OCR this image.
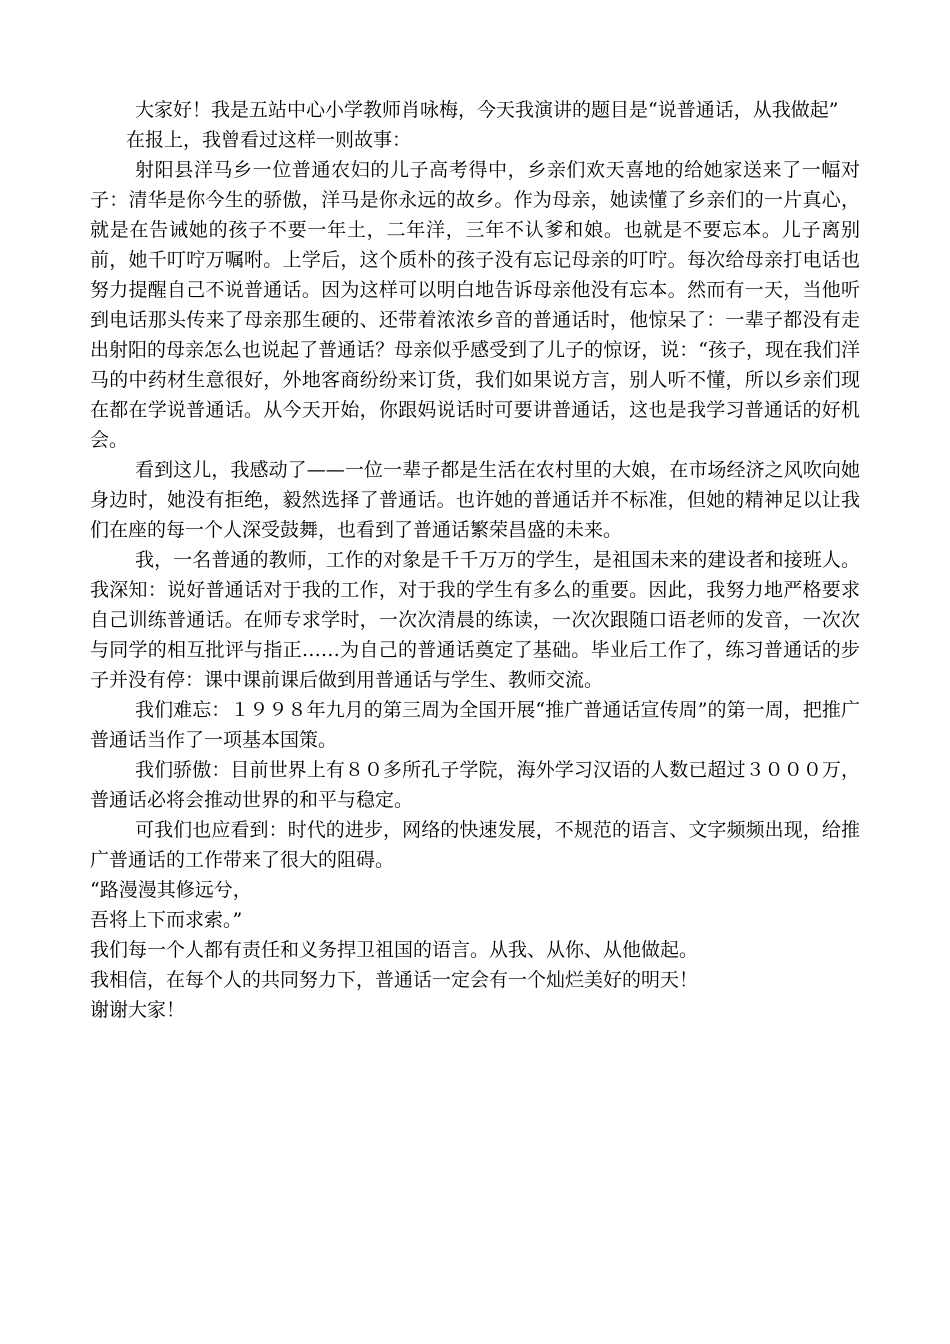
大家好！我是五站中心小学教师肖咏梅，今天我演讲的题目是“说普通话，从我做起”

在报上，我曾看过这样一则故事：

射阳县洋马乡一位普通农妇的儿子高考得中，乡亲们欢天喜地的给她家送来了一幅对子：清华是你今生的骄傲，洋马是你永远的故乡。作为母亲，她读懂了乡亲们的一片真心，就是在告诫她的孩子不要一年土，二年洋，三年不认爹和娘。也就是不要忘本。儿子离别前，她千叮咛万嘱咐。上学后，这个质朴的孩子没有忘记母亲的叮咛。每次给母亲打电话也努力提醒自己不说普通话。因为这样可以明白地告诉母亲他没有忘本。然而有一天，当他听到电话那头传来了母亲那生硬的、还带着浓浓乡音的普通话时，他惊呆了：一辈子都没有走出射阳的母亲怎么也说起了普通话？母亲似乎感受到了儿子的惊讶，说：“孩子，现在我们洋马的中药材生意很好，外地客商纷纷来订货，我们如果说方言，别人听不懂，所以乡亲们现在都在学说普通话。从今天开始，你跟妈说话时可要讲普通话，这也是我学习普通话的好机会。

看到这儿，我感动了——一位一辈子都是生活在农村里的大娘，在市场经济之风吹向她身边时，她没有拒绝，毅然选择了普通话。也许她的普通话并不标准，但她的精神足以让我们在座的每一个人深受鼓舞，也看到了普通话繁荣昌盛的未来。

我，一名普通的教师，工作的对象是千千万万的学生，是祖国未来的建设者和接班人。我深知：说好普通话对于我的工作，对于我的学生有多么的重要。因此，我努力地严格要求自己训练普通话。在师专求学时，一次次清晨的练读，一次次跟随口语老师的发音，一次次与同学的相互批评与指正……为自己的普通话奠定了基础。毕业后工作了，练习普通话的步子并没有停：课中课前课后做到用普通话与学生、教师交流。

我们难忘：１９９８年九月的第三周为全国开展“推广普通话宣传周”的第一周，把推广普通话当作了一项基本国策。

我们骄傲：目前世界上有８０多所孔子学院，海外学习汉语的人数已超过３０００万，普通话必将会推动世界的和平与稳定。

可我们也应看到：时代的进步，网络的快速发展，不规范的语言、文字频频出现，给推广普通话的工作带来了很大的阻碍。

“路漫漫其修远兮，

吾将上下而求索。”

我们每一个人都有责任和义务捍卫祖国的语言。从我、从你、从他做起。

我相信，在每个人的共同努力下，普通话一定会有一个灿烂美好的明天！

谢谢大家！
